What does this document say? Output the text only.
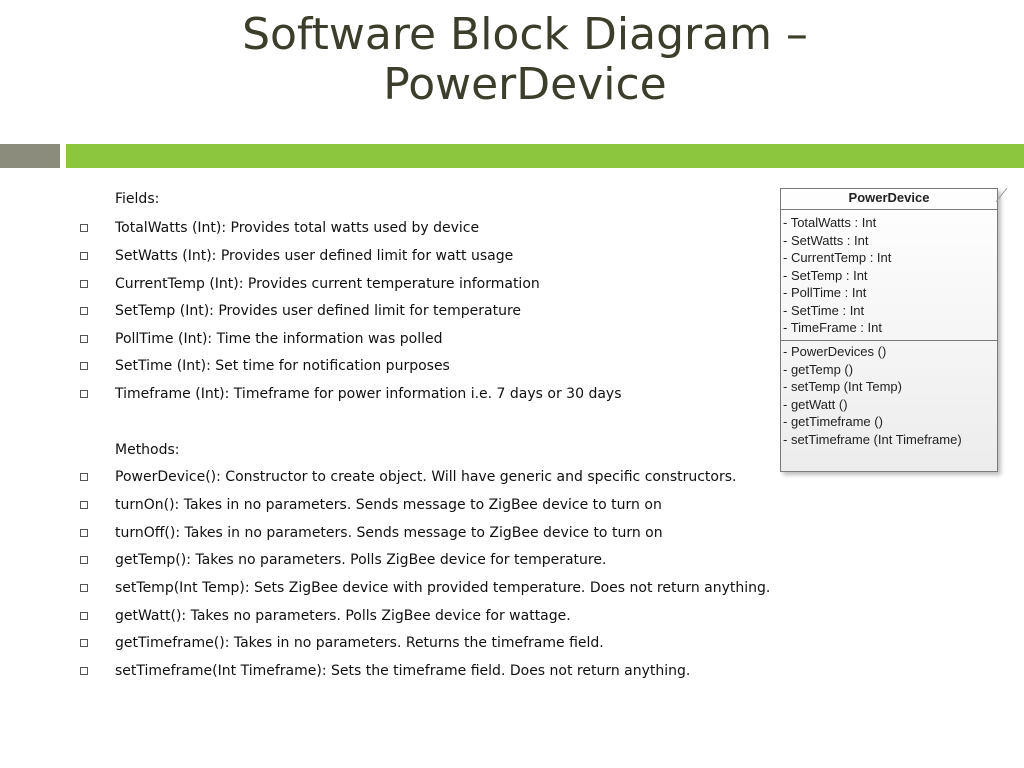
Software Block Diagram –
PowerDevice
Fields:
TotalWatts (Int): Provides total watts used by device
SetWatts (Int): Provides user defined limit for watt usage
CurrentTemp (Int): Provides current temperature information
SetTemp (Int): Provides user defined limit for temperature
PollTime (Int): Time the information was polled
SetTime (Int): Set time for notification purposes
Timeframe (Int): Timeframe for power information i.e. 7 days or 30 days
Methods:
PowerDevice(): Constructor to create object. Will have generic and specific constructors.
turnOn(): Takes in no parameters. Sends message to ZigBee device to turn on
turnOff(): Takes in no parameters. Sends message to ZigBee device to turn on
getTemp(): Takes no parameters. Polls ZigBee device for temperature.
setTemp(Int Temp): Sets ZigBee device with provided temperature. Does not return anything.
getWatt(): Takes no parameters. Polls ZigBee device for wattage.
getTimeframe(): Takes in no parameters. Returns the timeframe field.
setTimeframe(Int Timeframe): Sets the timeframe field. Does not return anything.
PowerDevice
- TotalWatts : Int
- SetWatts : Int
- CurrentTemp : Int
- SetTemp : Int
- PollTime : Int
- SetTime : Int
- TimeFrame : Int
- PowerDevices ()
- getTemp ()
- setTemp (Int Temp)
- getWatt ()
- getTimeframe ()
- setTimeframe (Int Timeframe)
